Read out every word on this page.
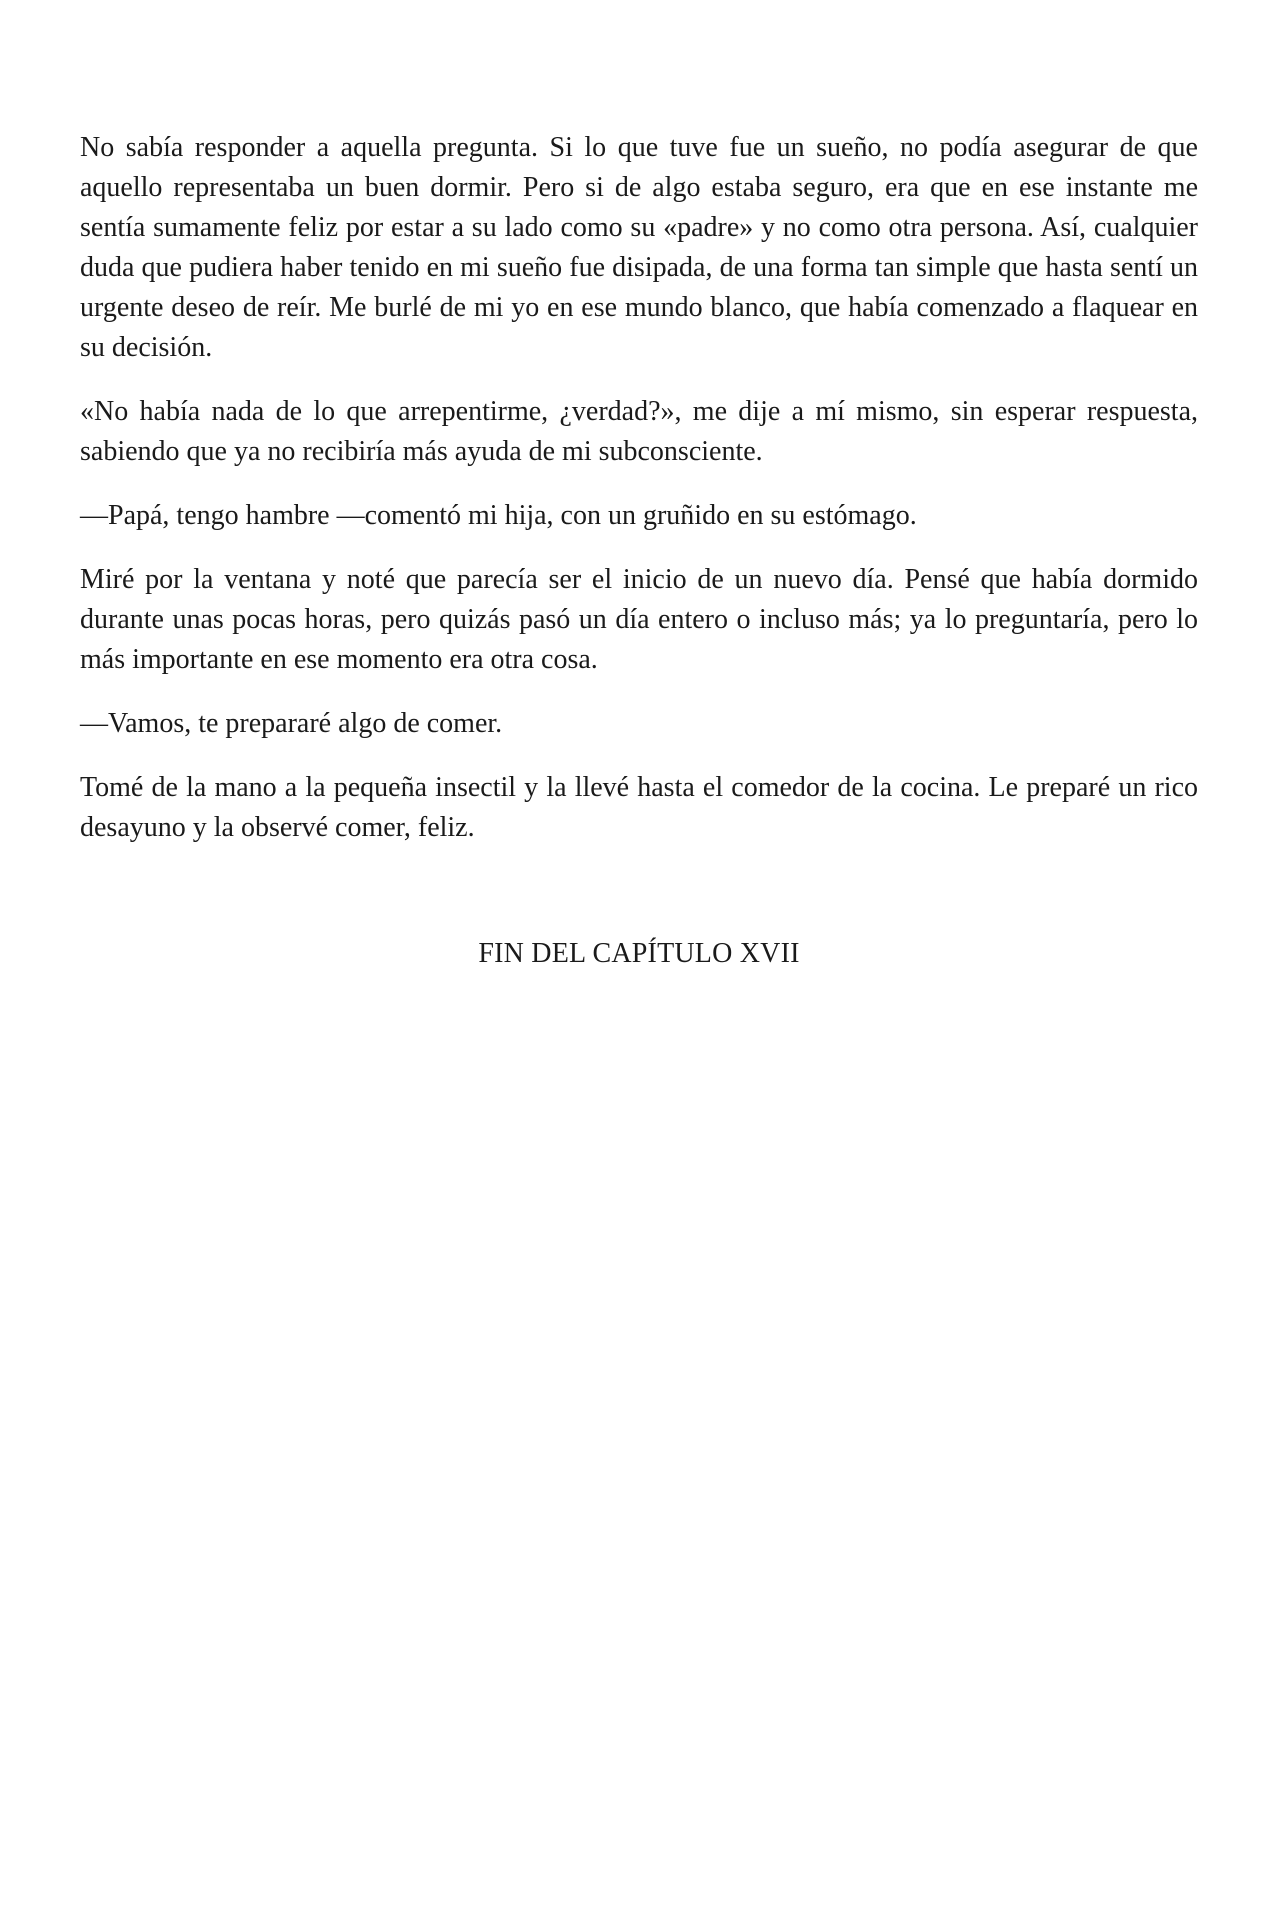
No sabía responder a aquella pregunta. Si lo que tuve fue un sueño, no podía asegurar de que aquello representaba un buen dormir. Pero si de algo estaba seguro, era que en ese instante me sentía sumamente feliz por estar a su lado como su «padre» y no como otra persona. Así, cualquier duda que pudiera haber tenido en mi sueño fue disipada, de una forma tan simple que hasta sentí un urgente deseo de reír. Me burlé de mi yo en ese mundo blanco, que había comenzado a flaquear en su decisión.

«No había nada de lo que arrepentirme, ¿verdad?», me dije a mí mismo, sin esperar respuesta, sabiendo que ya no recibiría más ayuda de mi subconsciente.

—Papá, tengo hambre —comentó mi hija, con un gruñido en su estómago.

Miré por la ventana y noté que parecía ser el inicio de un nuevo día. Pensé que había dormido durante unas pocas horas, pero quizás pasó un día entero o incluso más; ya lo preguntaría, pero lo más importante en ese momento era otra cosa.

—Vamos, te prepararé algo de comer.

Tomé de la mano a la pequeña insectil y la llevé hasta el comedor de la cocina. Le preparé un rico desayuno y la observé comer, feliz.

FIN DEL CAPÍTULO XVII
